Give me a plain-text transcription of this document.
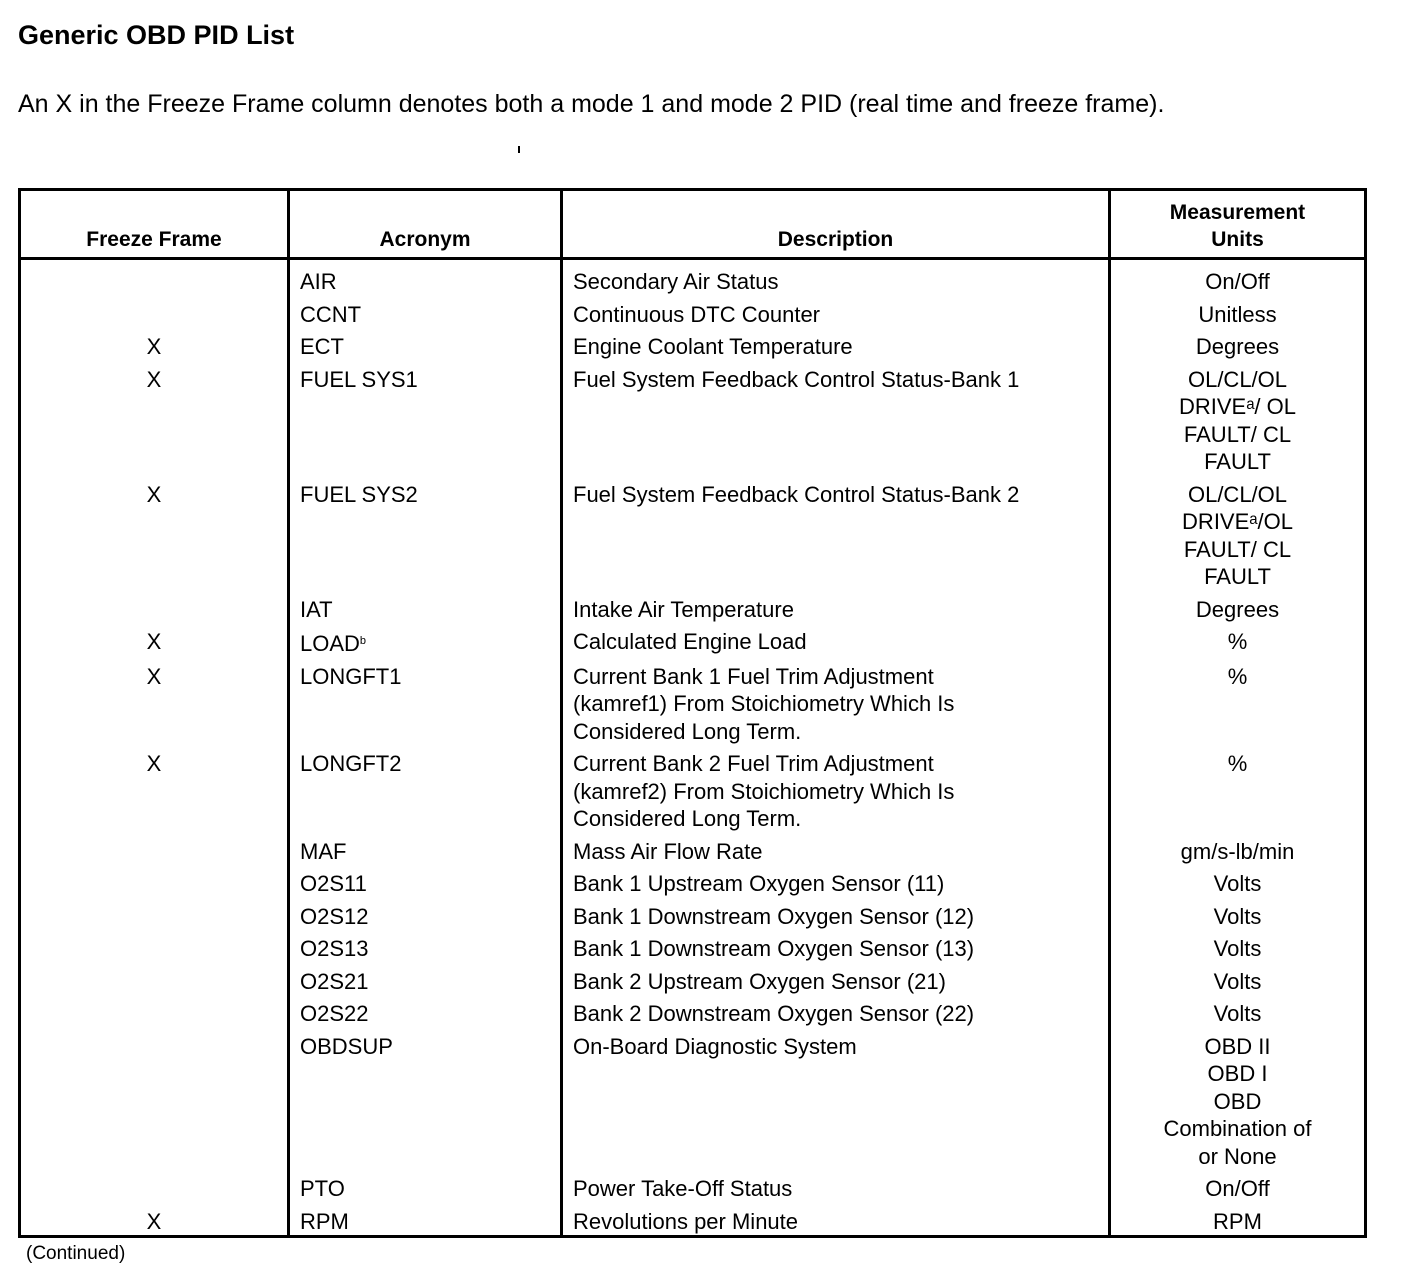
Generic OBD PID List
An X in the Freeze Frame column denotes both a mode 1 and mode 2 PID (real time and freeze frame).
Freeze Frame	Acronym	Description	Measurement
Units

	AIR	Secondary Air Status	On/Off

	CCNT	Continuous DTC Counter	Unitless

X	ECT	Engine Coolant Temperature	Degrees

X	FUEL SYS1	Fuel System Feedback Control Status-Bank 1	OL/CL/OL
DRIVEᵃ/ OL
FAULT/ CL
FAULT

X	FUEL SYS2	Fuel System Feedback Control Status-Bank 2	OL/CL/OL
DRIVEᵃ/OL
FAULT/ CL
FAULT

	IAT	Intake Air Temperature	Degrees

X	LOAD$^b$	Calculated Engine Load	%

X	LONGFT1	Current Bank 1 Fuel Trim Adjustment
(kamref1) From Stoichiometry Which Is
Considered Long Term.	%

X	LONGFT2	Current Bank 2 Fuel Trim Adjustment
(kamref2) From Stoichiometry Which Is
Considered Long Term.	%

	MAF	Mass Air Flow Rate	gm/s-lb/min

	O2S11	Bank 1 Upstream Oxygen Sensor (11)	Volts

	O2S12	Bank 1 Downstream Oxygen Sensor (12)	Volts

	O2S13	Bank 1 Downstream Oxygen Sensor (13)	Volts

	O2S21	Bank 2 Upstream Oxygen Sensor (21)	Volts

	O2S22	Bank 2 Downstream Oxygen Sensor (22)	Volts

	OBDSUP	On-Board Diagnostic System	OBD II
OBD I
OBD
Combination of
or None

	PTO	Power Take-Off Status	On/Off

X	RPM	Revolutions per Minute	RPM
(Continued)
